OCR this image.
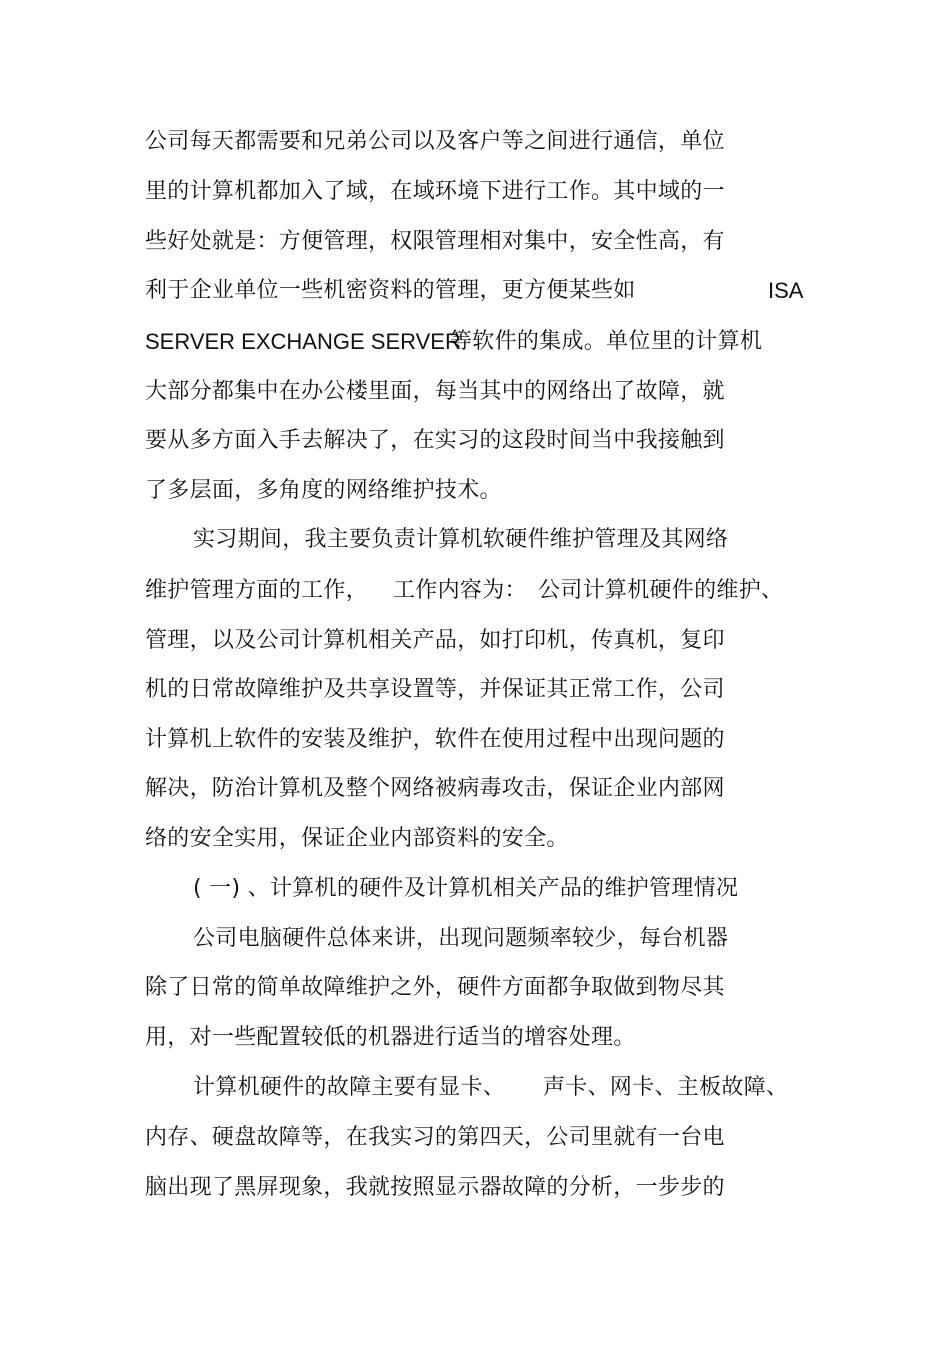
公司每天都需要和兄弟公司以及客户等之间进行通信，单位
里的计算机都加入了域，在域环境下进行工作。其中域的一
些好处就是：方便管理，权限管理相对集中，安全性高，有
利于企业单位一些机密资料的管理，更方便某些如	ISA
SERVER EXCHANGE SERVER
等软件的集成。单位里的计算机
大部分都集中在办公楼里面，每当其中的网络出了故障，就
要从多方面入手去解决了，在实习的这段时间当中我接触到
了多层面，多角度的网络维护技术。
实习期间，我主要负责计算机软硬件维护管理及其网络
维护管理方面的工作， 工作内容为： 公司计算机硬件的维护、
管理，以及公司计算机相关产品，如打印机，传真机，复印
机的日常故障维护及共享设置等，并保证其正常工作，公司
计算机上软件的安装及维护，软件在使用过程中出现问题的
解决，防治计算机及整个网络被病毒攻击，保证企业内部网
络的安全实用，保证企业内部资料的安全。
( 一) 、计算机的硬件及计算机相关产品的维护管理情况
公司电脑硬件总体来讲，出现问题频率较少，每台机器
除了日常的简单故障维护之外，硬件方面都争取做到物尽其
用，对一些配置较低的机器进行适当的增容处理。
计算机硬件的故障主要有显卡、 声卡、网卡、主板故障、
内存、硬盘故障等，在我实习的第四天，公司里就有一台电
脑出现了黑屏现象，我就按照显示器故障的分析，一步步的
